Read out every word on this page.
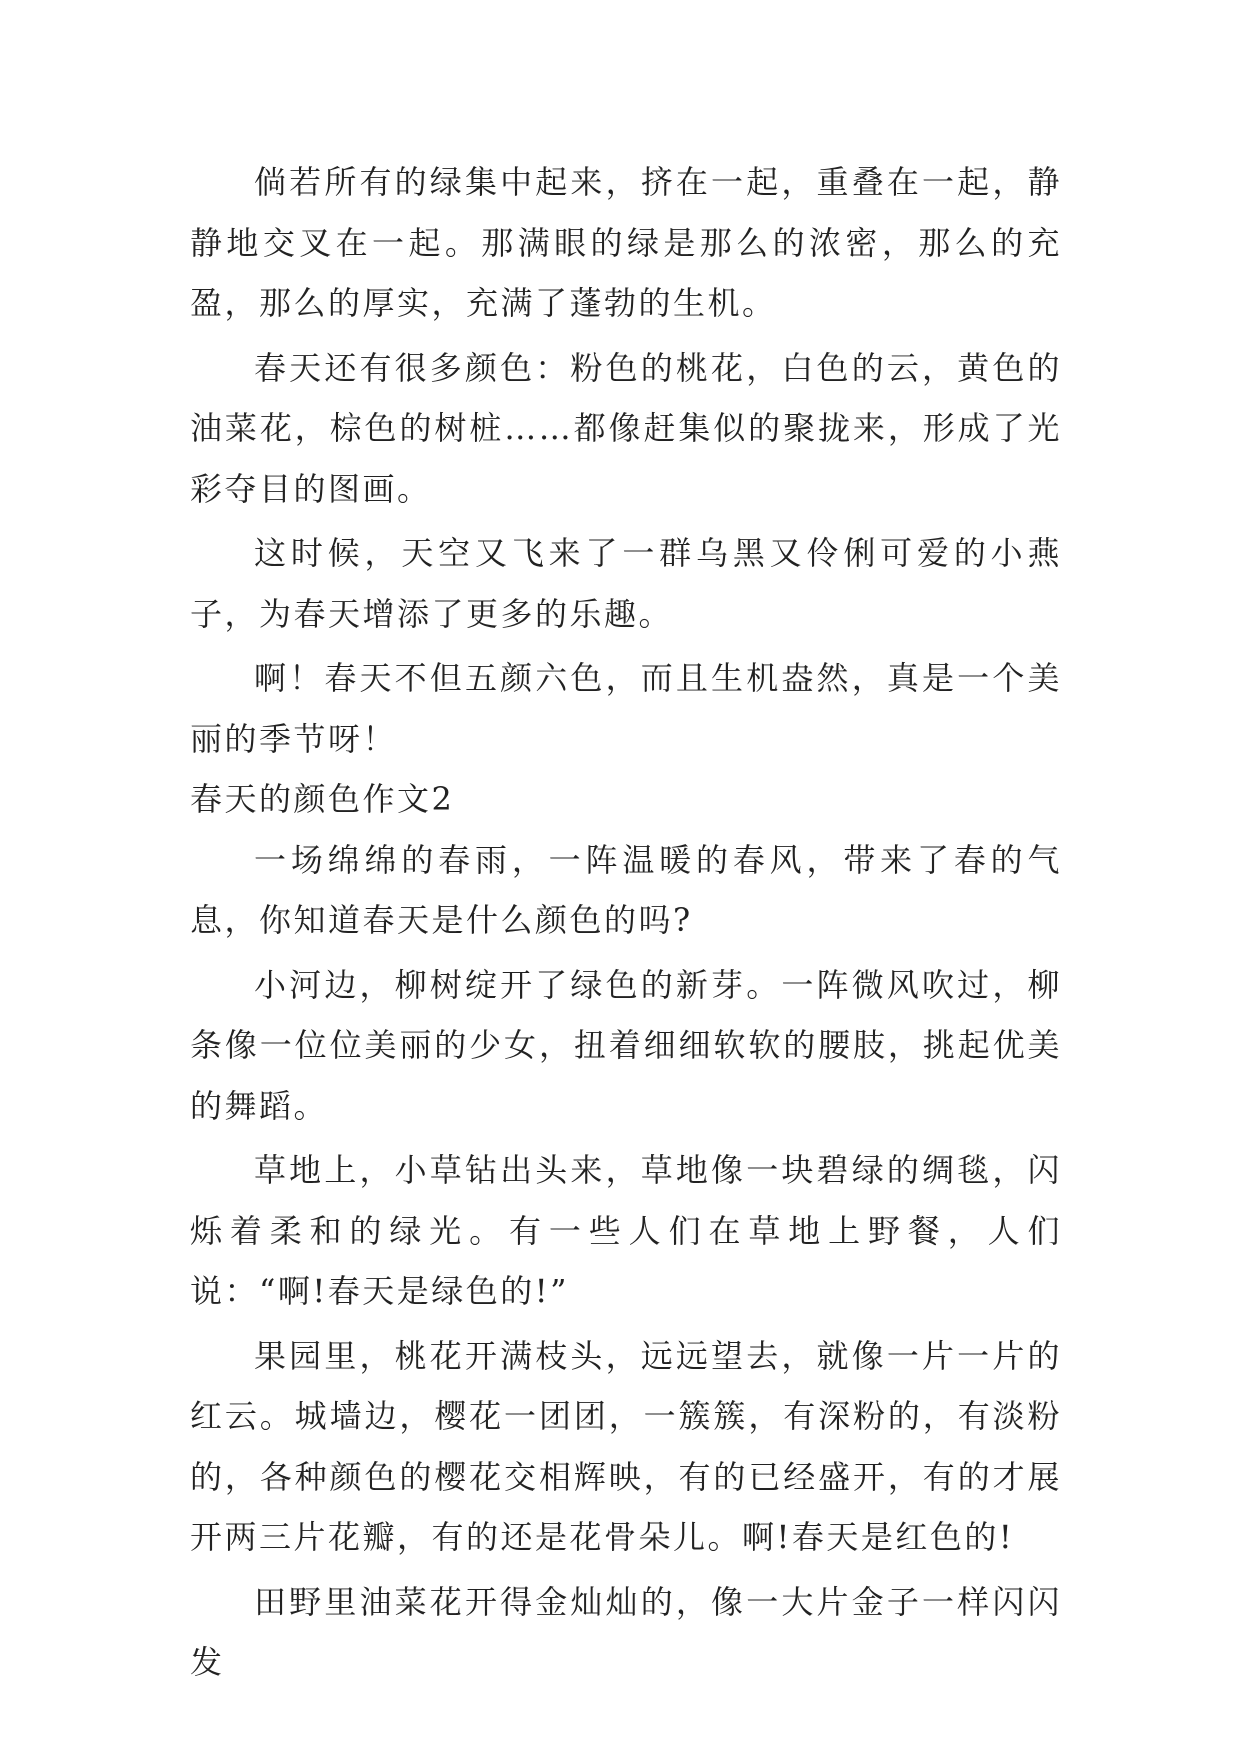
倘若所有的绿集中起来，挤在一起，重叠在一起，静静地交叉在一起。那满眼的绿是那么的浓密，那么的充盈，那么的厚实，充满了蓬勃的生机。

春天还有很多颜色：粉色的桃花，白色的云，黄色的油菜花，棕色的树桩……都像赶集似的聚拢来，形成了光彩夺目的图画。

这时候，天空又飞来了一群乌黑又伶俐可爱的小燕子，为春天增添了更多的乐趣。

啊！春天不但五颜六色，而且生机盎然，真是一个美丽的季节呀！

春天的颜色作文2

一场绵绵的春雨，一阵温暖的春风，带来了春的气息，你知道春天是什么颜色的吗?

小河边，柳树绽开了绿色的新芽。一阵微风吹过，柳条像一位位美丽的少女，扭着细细软软的腰肢，挑起优美的舞蹈。

草地上，小草钻出头来，草地像一块碧绿的绸毯，闪烁着柔和的绿光。有一些人们在草地上野餐，人们说：“啊!春天是绿色的!”

果园里，桃花开满枝头，远远望去，就像一片一片的红云。城墙边，樱花一团团，一簇簇，有深粉的，有淡粉的，各种颜色的樱花交相辉映，有的已经盛开，有的才展开两三片花瓣，有的还是花骨朵儿。啊!春天是红色的!

田野里油菜花开得金灿灿的，像一大片金子一样闪闪发
